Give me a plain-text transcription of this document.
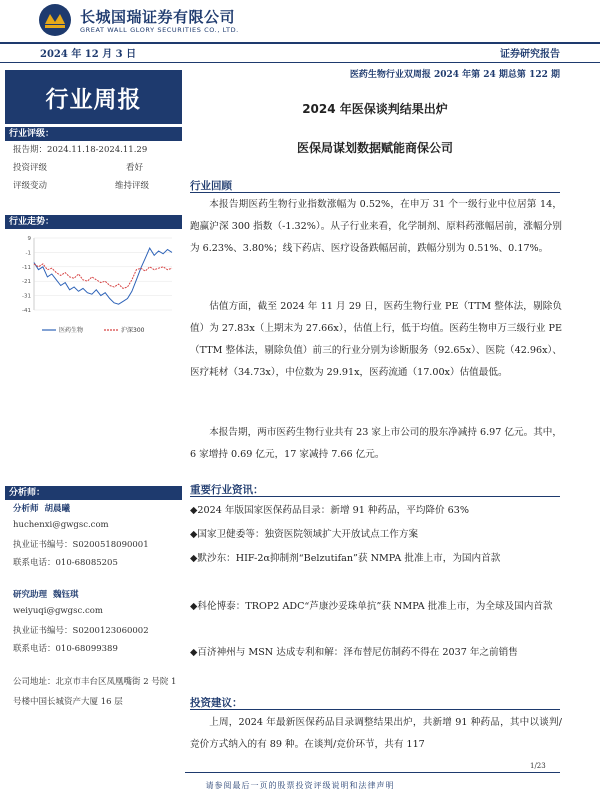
长城国瑞证券有限公司
GREAT WALL GLORY SECURITIES CO., LTD.
2024 年 12 月 3 日	证券研究报告
行业周报
行业评级：
报告期：2024.11.18-2024.11.29
投资评级	看好
评级变动	维持评级
行业走势：
9
-1
-11
-21
-31
-41
医药生物	沪深300
分析师：
分析师 胡晨曦
huchenxi@gwgsc.com
执业证书编号：S0200518090001
联系电话：010-68085205
研究助理 魏钰琪
weiyuqi@gwgsc.com
执业证书编号：S0200123060002
联系电话：010-68099389
公司地址：北京市丰台区凤凰嘴街 2 号院 1 号楼中国长城资产大厦 16 层
医药生物行业双周报 2024 年第 24 期总第 122 期
2024 年医保谈判结果出炉
医保局谋划数据赋能商保公司
行业回顾
本报告期医药生物行业指数涨幅为 0.52%，在申万 31 个一级行业中位居第 14，跑赢沪深 300 指数（-1.32%）。从子行业来看，化学制剂、原料药涨幅居前，涨幅分别为 6.23%、3.80%；线下药店、医疗设备跌幅居前，跌幅分别为 0.51%、0.17%。
估值方面，截至 2024 年 11 月 29 日，医药生物行业 PE（TTM 整体法，剔除负值）为 27.83x（上期末为 27.66x），估值上行，低于均值。医药生物申万三级行业 PE（TTM 整体法，剔除负值）前三的行业分别为诊断服务（92.65x）、医院（42.96x）、医疗耗材（34.73x），中位数为 29.91x，医药流通（17.00x）估值最低。
本报告期，两市医药生物行业共有 23 家上市公司的股东净减持 6.97 亿元。其中，6 家增持 0.69 亿元，17 家减持 7.66 亿元。
重要行业资讯：
◆2024 年版国家医保药品目录：新增 91 种药品，平均降价 63%
◆国家卫健委等：独资医院领域扩大开放试点工作方案
◆默沙东：HIF-2α抑制剂“Belzutifan”获 NMPA 批准上市，为国内首款
◆科伦博泰：TROP2 ADC“芦康沙妥珠单抗”获 NMPA 批准上市，为全球及国内首款
◆百济神州与 MSN 达成专利和解：泽布替尼仿制药不得在 2037 年之前销售
投资建议：
上周，2024 年最新医保药品目录调整结果出炉，共新增 91 种药品，其中以谈判/竞价方式纳入的有 89 种。在谈判/竞价环节，共有 117
1/23
请参阅最后一页的股票投资评级说明和法律声明
